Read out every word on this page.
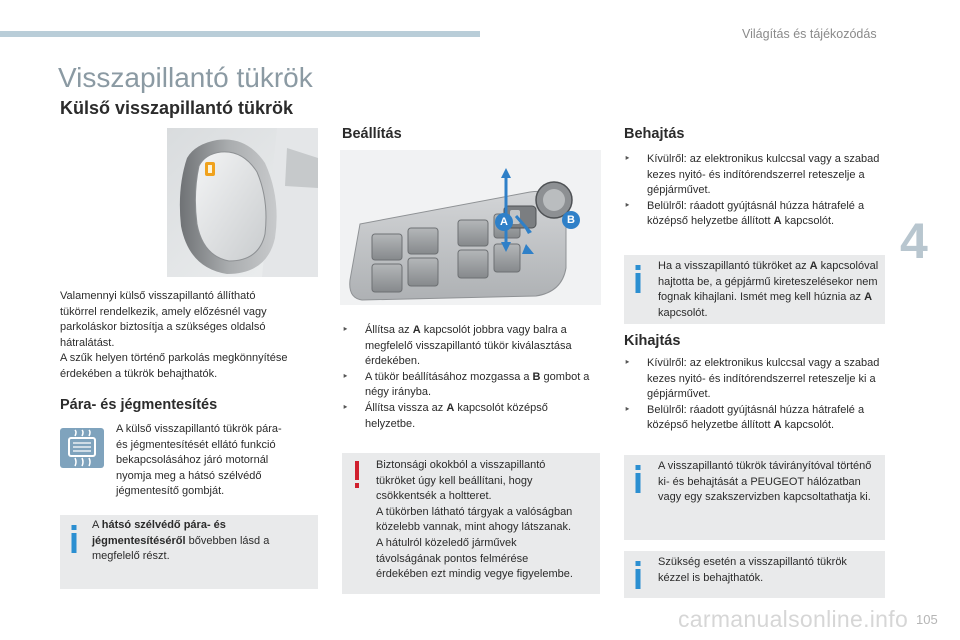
Világítás és tájékozódás
4
Visszapillantó tükrök
Külső visszapillantó tükrök

Valamennyi külső visszapillantó állítható

tükörrel rendelkezik, amely előzésnél vagy

parkoláskor biztosítja a szükséges oldalsó

hátralátást.

A szűk helyen történő parkolás megkönnyítése

érdekében a tükrök behajthatók.

Pára- és jégmentesítés

A külső visszapillantó tükrök pára-

és jégmentesítését ellátó funkció

bekapcsolásához járó motornál

nyomja meg a hátsó szélvédő

jégmentesítő gombját.

A hátsó szélvédő pára- és jégmentesítéséről bővebben lásd a megfelelő részt.
Beállítás
A	B
‣	Állítsa az A kapcsolót jobbra vagy balra a megfelelő visszapillantó tükör kiválasztása érdekében.
‣	A tükör beállításához mozgassa a B gombot a négy irányba.
‣	Állítsa vissza az A kapcsolót középső helyzetbe.

Biztonsági okokból a visszapillantó

tükröket úgy kell beállítani, hogy

csökkentsék a holtteret.

A tükörben látható tárgyak a valóságban

közelebb vannak, mint ahogy látszanak.

A hátulról közeledő járművek

távolságának pontos felmérése

érdekében ezt mindig vegye figyelembe.

Behajtás
‣	Kívülről: az elektronikus kulccsal vagy a szabad kezes nyitó- és indítórendszerrel reteszelje a gépjárművet.
‣	Belülről: ráadott gyújtásnál húzza hátrafelé a középső helyzetbe állított A kapcsolót.
Ha a visszapillantó tükröket az A kapcsolóval hajtotta be, a gépjármű kireteszelésekor nem fognak kihajlani. Ismét meg kell húznia az A kapcsolót.
Kihajtás
‣	Kívülről: az elektronikus kulccsal vagy a szabad kezes nyitó- és indítórendszerrel reteszelje ki a gépjárművet.
‣	Belülről: ráadott gyújtásnál húzza hátrafelé a középső helyzetbe állított A kapcsolót.
A visszapillantó tükrök távirányítóval történő ki- és behajtását a PEUGEOT hálózatban vagy egy szakszervizben kapcsoltathatja ki.
Szükség esetén a visszapillantó tükrök kézzel is behajthatók.
carmanualsonline.info 105
